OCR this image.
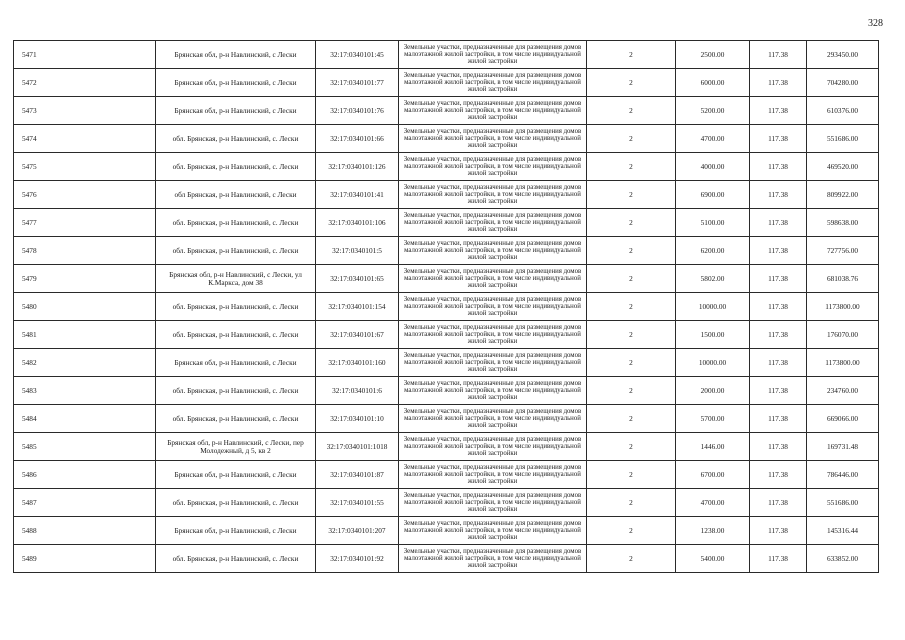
328
5471	Брянская обл, р-н Навлинский, с Лески	32:17:0340101:45	Земельные участки, предназначенные для размещения домов малоэтажной жилой застройки, в том числе индивидуальной жилой застройки	2	2500.00	117.38	293450.00
5472	Брянская обл, р-н Навлинский, с Лески	32:17:0340101:77	Земельные участки, предназначенные для размещения домов малоэтажной жилой застройки, в том числе индивидуальной жилой застройки	2	6000.00	117.38	704280.00
5473	Брянская обл, р-н Навлинский, с Лески	32:17:0340101:76	Земельные участки, предназначенные для размещения домов малоэтажной жилой застройки, в том числе индивидуальной жилой застройки	2	5200.00	117.38	610376.00
5474	обл. Брянская, р-н Навлинский, с. Лески	32:17:0340101:66	Земельные участки, предназначенные для размещения домов малоэтажной жилой застройки, в том числе индивидуальной жилой застройки	2	4700.00	117.38	551686.00
5475	обл. Брянская, р-н Навлинский, с. Лески	32:17:0340101:126	Земельные участки, предназначенные для размещения домов малоэтажной жилой застройки, в том числе индивидуальной жилой застройки	2	4000.00	117.38	469520.00
5476	обл Брянская, р-н Навлинский, с Лески	32:17:0340101:41	Земельные участки, предназначенные для размещения домов малоэтажной жилой застройки, в том числе индивидуальной жилой застройки	2	6900.00	117.38	809922.00
5477	обл. Брянская, р-н Навлинский, с. Лески	32:17:0340101:106	Земельные участки, предназначенные для размещения домов малоэтажной жилой застройки, в том числе индивидуальной жилой застройки	2	5100.00	117.38	598638.00
5478	обл. Брянская, р-н Навлинский, с. Лески	32:17:0340101:5	Земельные участки, предназначенные для размещения домов малоэтажной жилой застройки, в том числе индивидуальной жилой застройки	2	6200.00	117.38	727756.00
5479	Брянская обл, р-н Навлинский, с Лески, ул К.Маркса, дом 38	32:17:0340101:65	Земельные участки, предназначенные для размещения домов малоэтажной жилой застройки, в том числе индивидуальной жилой застройки	2	5802.00	117.38	681038.76
5480	обл. Брянская, р-н Навлинский, с. Лески	32:17:0340101:154	Земельные участки, предназначенные для размещения домов малоэтажной жилой застройки, в том числе индивидуальной жилой застройки	2	10000.00	117.38	1173800.00
5481	обл. Брянская, р-н Навлинский, с. Лески	32:17:0340101:67	Земельные участки, предназначенные для размещения домов малоэтажной жилой застройки, в том числе индивидуальной жилой застройки	2	1500.00	117.38	176070.00
5482	Брянская обл, р-н Навлинский, с Лески	32:17:0340101:160	Земельные участки, предназначенные для размещения домов малоэтажной жилой застройки, в том числе индивидуальной жилой застройки	2	10000.00	117.38	1173800.00
5483	обл. Брянская, р-н Навлинский, с. Лески	32:17:0340101:6	Земельные участки, предназначенные для размещения домов малоэтажной жилой застройки, в том числе индивидуальной жилой застройки	2	2000.00	117.38	234760.00
5484	обл. Брянская, р-н Навлинский, с. Лески	32:17:0340101:10	Земельные участки, предназначенные для размещения домов малоэтажной жилой застройки, в том числе индивидуальной жилой застройки	2	5700.00	117.38	669066.00
5485	Брянская обл, р-н Навлинский, с Лески, пер Молодежный, д 5, кв 2	32:17:0340101:1018	Земельные участки, предназначенные для размещения домов малоэтажной жилой застройки, в том числе индивидуальной жилой застройки	2	1446.00	117.38	169731.48
5486	Брянская обл, р-н Навлинский, с Лески	32:17:0340101:87	Земельные участки, предназначенные для размещения домов малоэтажной жилой застройки, в том числе индивидуальной жилой застройки	2	6700.00	117.38	786446.00
5487	обл. Брянская, р-н Навлинский, с. Лески	32:17:0340101:55	Земельные участки, предназначенные для размещения домов малоэтажной жилой застройки, в том числе индивидуальной жилой застройки	2	4700.00	117.38	551686.00
5488	Брянская обл, р-н Навлинский, с Лески	32:17:0340101:207	Земельные участки, предназначенные для размещения домов малоэтажной жилой застройки, в том числе индивидуальной жилой застройки	2	1238.00	117.38	145316.44
5489	обл. Брянская, р-н Навлинский, с. Лески	32:17:0340101:92	Земельные участки, предназначенные для размещения домов малоэтажной жилой застройки, в том числе индивидуальной жилой застройки	2	5400.00	117.38	633852.00
